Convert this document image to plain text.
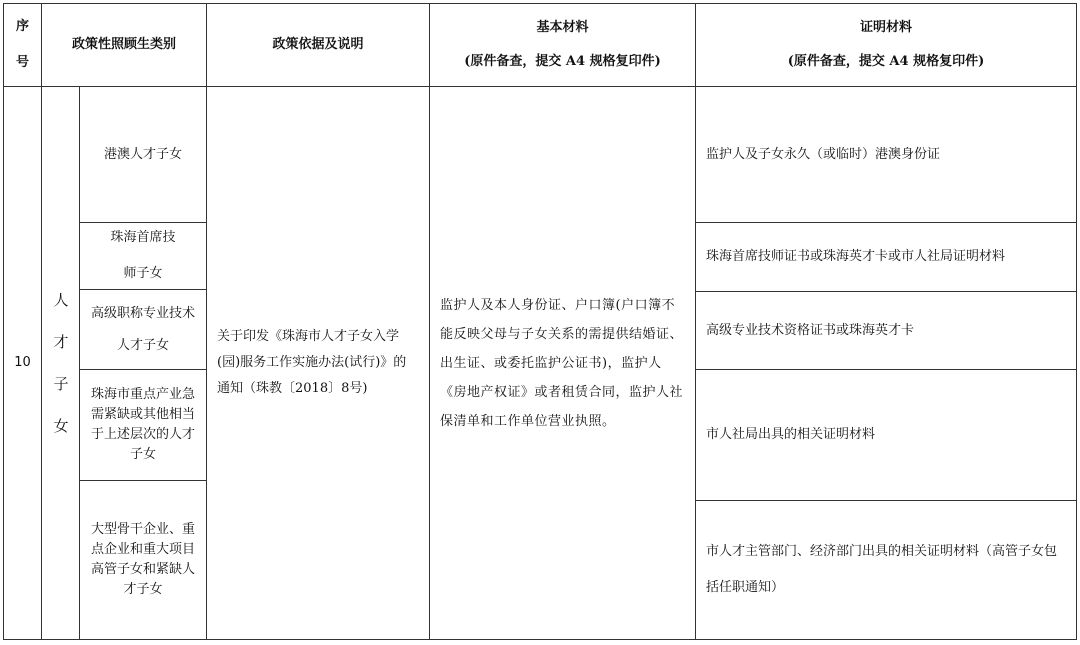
序号
政策性照顾生类别	政策依据及说明
基本材料
(原件备查，提交 A4 规格复印件)
证明材料
(原件备查，提交 A4 规格复印件)
10
人才子女
港澳人才子女
珠海首席技师子女
高级职称专业技术人才子女
珠海市重点产业急需紧缺或其他相当于上述层次的人才子女
大型骨干企业、重点企业和重大项目高管子女和紧缺人才子女
关于印发《珠海市人才子女入学(园)服务工作实施办法(试行)》的通知（珠教〔2018〕8号)
监护人及本人身份证、户口簿(户口簿不能反映父母与子女关系的需提供结婚证、出生证、或委托监护公证书)，监护人《房地产权证》或者租赁合同，监护人社保清单和工作单位营业执照。
监护人及子女永久（或临时）港澳身份证
珠海首席技师证书或珠海英才卡或市人社局证明材料
高级专业技术资格证书或珠海英才卡
市人社局出具的相关证明材料
市人才主管部门、经济部门出具的相关证明材料（高管子女包括任职通知）
